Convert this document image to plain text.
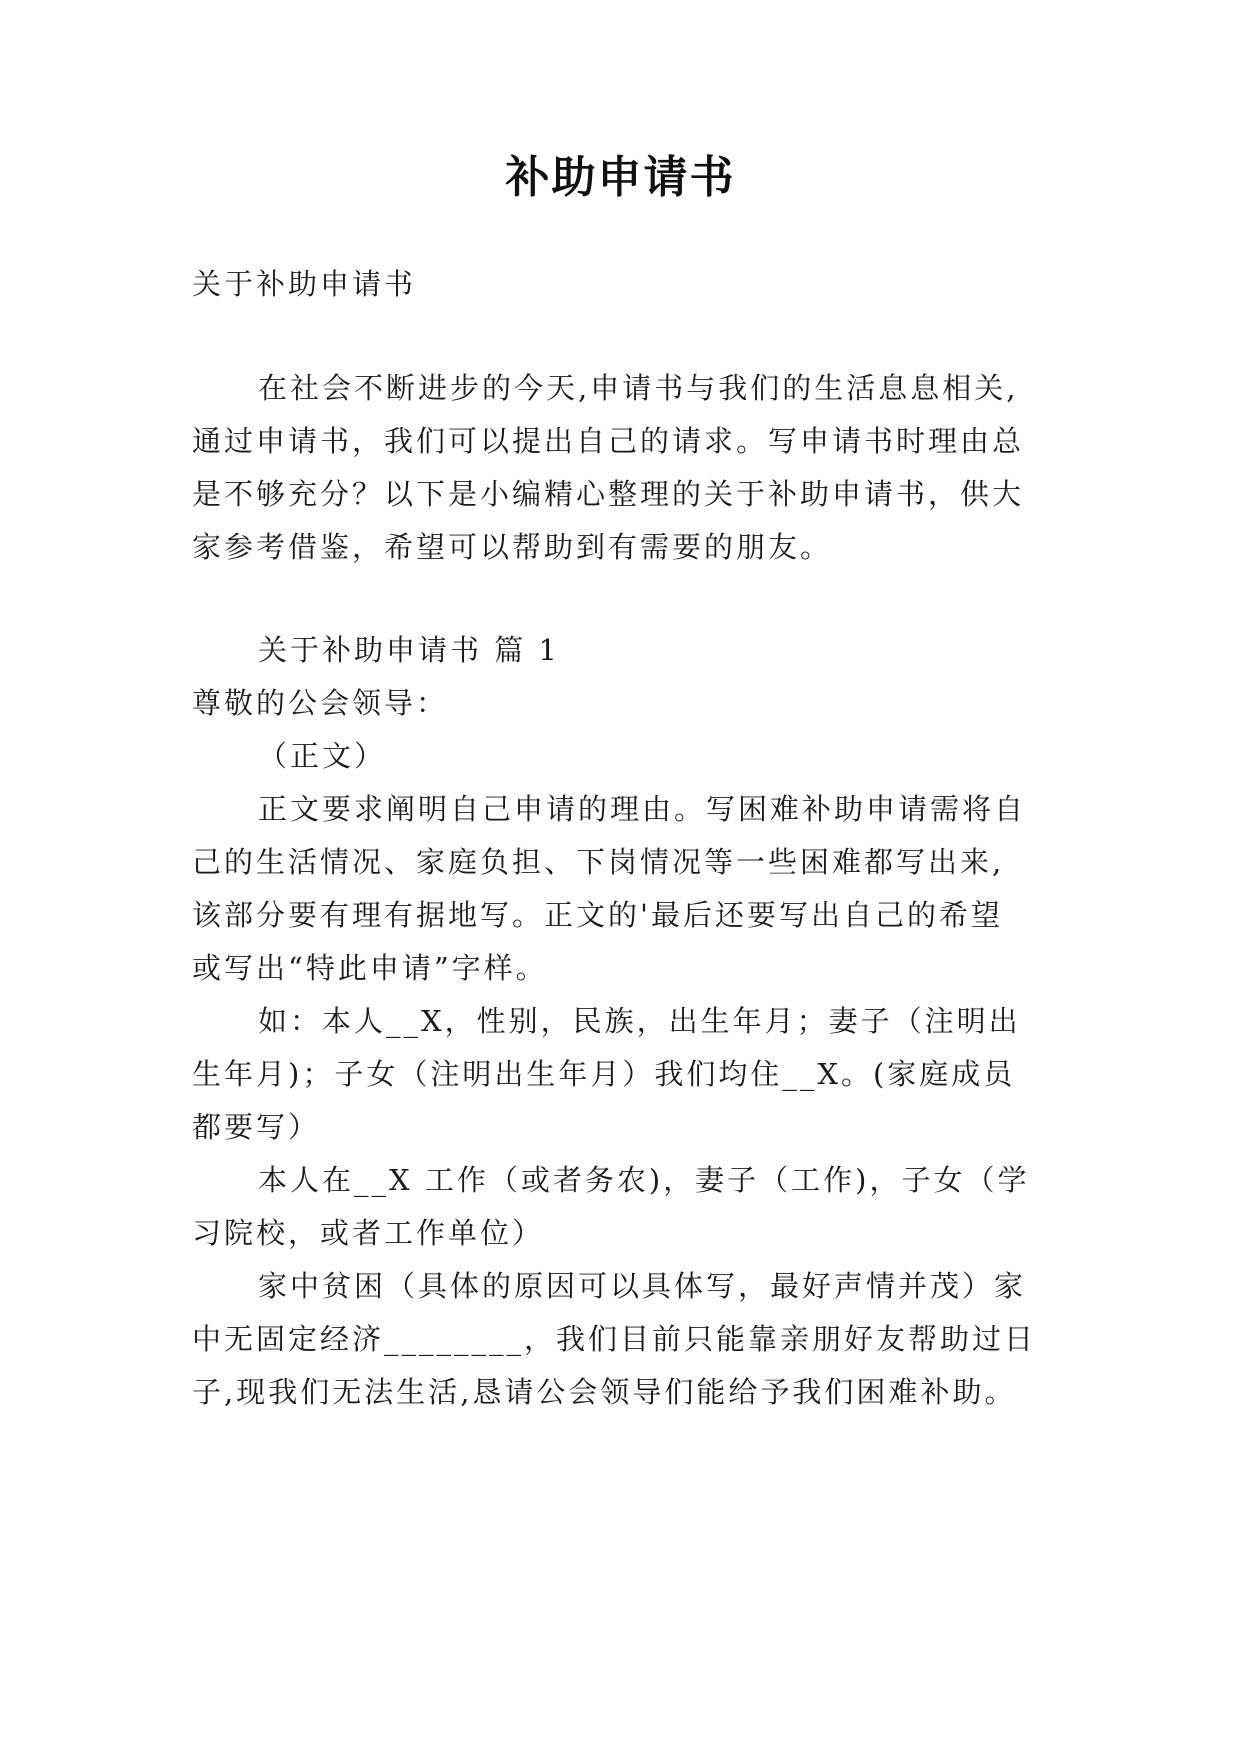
补助申请书
关于补助申请书
在社会不断进步的今天,申请书与我们的生活息息相关,
通过申请书，我们可以提出自己的请求。写申请书时理由总
是不够充分？以下是小编精心整理的关于补助申请书，供大
家参考借鉴，希望可以帮助到有需要的朋友。
关于补助申请书 篇 1
尊敬的公会领导：
（正文）
正文要求阐明自己申请的理由。写困难补助申请需将自
己的生活情况、家庭负担、下岗情况等一些困难都写出来,
该部分要有理有据地写。正文的'最后还要写出自己的希望
或写出“特此申请”字样。
如：本人__X，性别，民族，出生年月；妻子（注明出
生年月)；子女（注明出生年月）我们均住__X。(家庭成员
都要写）
本人在__X 工作（或者务农)，妻子（工作)，子女（学
习院校，或者工作单位）
家中贫困（具体的原因可以具体写，最好声情并茂）家
中无固定经济________，我们目前只能靠亲朋好友帮助过日
子,现我们无法生活,恳请公会领导们能给予我们困难补助。
